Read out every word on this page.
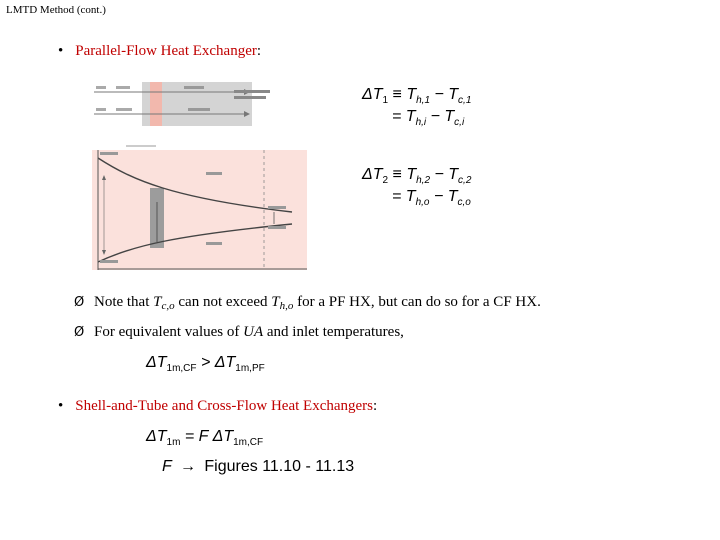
LMTD Method (cont.)
• Parallel-Flow Heat Exchanger:
$\Delta T_1 \equiv T_{h,1} - T_{c,1}$
= $T_{h,i} - T_{c,i}$
$\Delta T_2 \equiv T_{h,2} - T_{c,2}$
= $T_{h,o} - T_{c,o}$
Ø Note that $T_{c,o}$ can not exceed $T_{h,o}$ for a PF HX, but can do so for a CF HX.
Ø For equivalent values of UA and inlet temperatures,
$\Delta T_{1m,CF} > \Delta T_{1m,PF}$
• Shell-and-Tube and Cross-Flow Heat Exchangers:
$\Delta T_{1m} = F$ $\Delta T_{1m,CF}$
F → Figures 11.10 - 11.13
